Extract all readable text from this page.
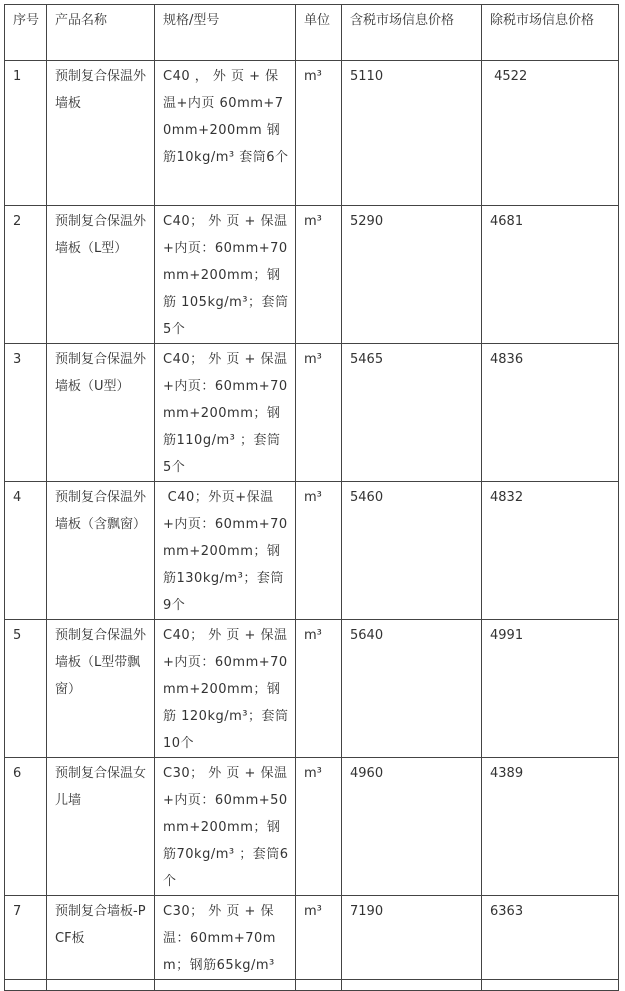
序号	产品名称	规格/型号	单位	含税市场信息价格	除税市场信息价格
1	预制复合保温外墙板	C40 ， 外 页 + 保温+内页 60mm+70mm+200mm 钢筋10kg/m³ 套筒6个	m³	5110	4522
2	预制复合保温外墙板（L型）	C40； 外 页 + 保温+内页：60mm+70mm+200mm；钢 筋 105kg/m³；套筒5个	m³	5290	4681
3	预制复合保温外墙板（U型）	C40； 外 页 + 保温+内页：60mm+70mm+200mm；钢筋110g/m³ ；套筒5个	m³	5465	4836
4	预制复合保温外墙板（含飘窗）	C40；外页+保温+内页：60mm+70mm+200mm；钢筋130kg/m³；套筒9个	m³	5460	4832
5	预制复合保温外墙板（L型带飘窗）	C40； 外 页 + 保温+内页：60mm+70mm+200mm；钢 筋 120kg/m³；套筒10个	m³	5640	4991
6	预制复合保温女儿墙	C30； 外 页 + 保温+内页：60mm+50mm+200mm；钢筋70kg/m³ ；套筒6个	m³	4960	4389
7	预制复合墙板-PCF板	C30； 外 页 + 保温：60mm+70mm；钢筋65kg/m³	m³	7190	6363
